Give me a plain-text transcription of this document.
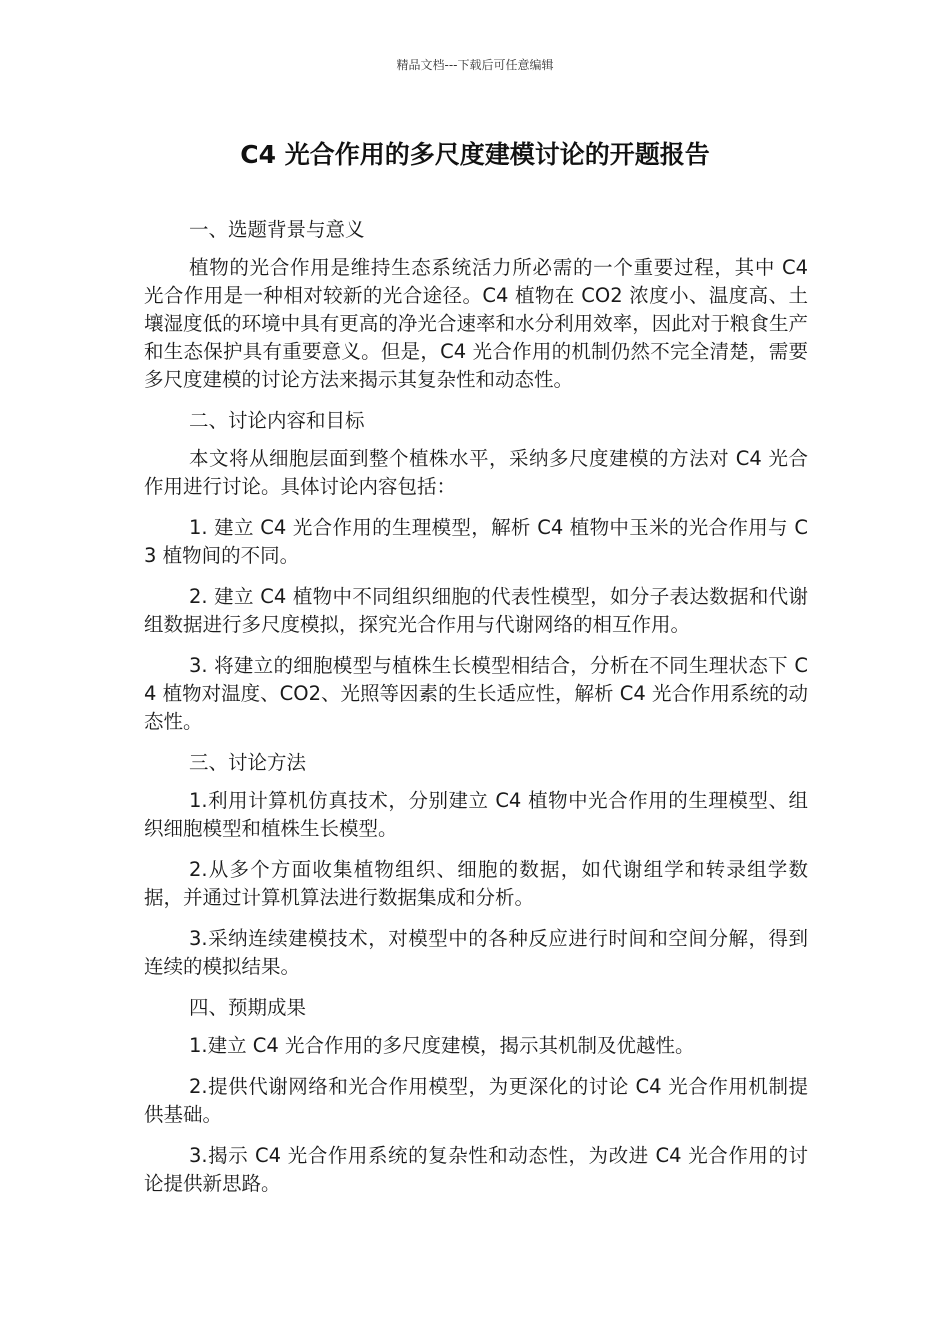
精品文档---下载后可任意编辑
C4 光合作用的多尺度建模讨论的开题报告

一、选题背景与意义

植物的光合作用是维持生态系统活力所必需的一个重要过程，其中 C4 光合作用是一种相对较新的光合途径。C4 植物在 CO2 浓度小、温度高、土壤湿度低的环境中具有更高的净光合速率和水分利用效率，因此对于粮食生产和生态保护具有重要意义。但是，C4 光合作用的机制仍然不完全清楚，需要多尺度建模的讨论方法来揭示其复杂性和动态性。

二、讨论内容和目标

本文将从细胞层面到整个植株水平，采纳多尺度建模的方法对 C4 光合作用进行讨论。具体讨论内容包括：

1. 建立 C4 光合作用的生理模型，解析 C4 植物中玉米的光合作用与 C3 植物间的不同。

2. 建立 C4 植物中不同组织细胞的代表性模型，如分子表达数据和代谢组数据进行多尺度模拟，探究光合作用与代谢网络的相互作用。

3. 将建立的细胞模型与植株生长模型相结合，分析在不同生理状态下 C4 植物对温度、CO2、光照等因素的生长适应性，解析 C4 光合作用系统的动态性。

三、讨论方法

1.利用计算机仿真技术，分别建立 C4 植物中光合作用的生理模型、组织细胞模型和植株生长模型。

2.从多个方面收集植物组织、细胞的数据，如代谢组学和转录组学数据，并通过计算机算法进行数据集成和分析。

3.采纳连续建模技术，对模型中的各种反应进行时间和空间分解，得到连续的模拟结果。

四、预期成果

1.建立 C4 光合作用的多尺度建模，揭示其机制及优越性。

2.提供代谢网络和光合作用模型，为更深化的讨论 C4 光合作用机制提供基础。

3.揭示 C4 光合作用系统的复杂性和动态性，为改进 C4 光合作用的讨论提供新思路。
